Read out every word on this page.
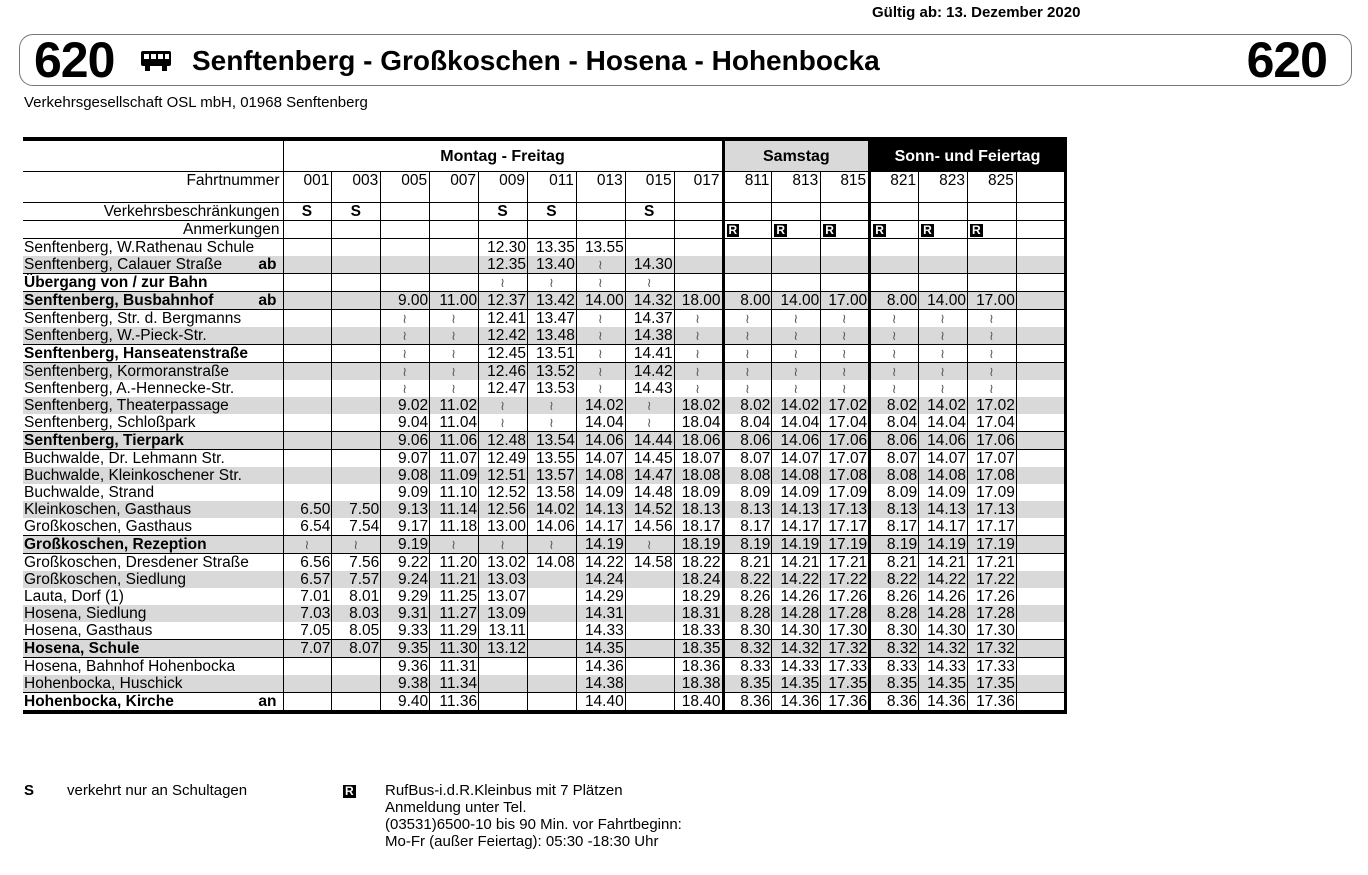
Gültig ab: 13. Dezember 2020
620	Senftenberg - Großkoschen - Hosena - Hohenbocka	620
Verkehrsgesellschaft OSL mbH, 01968 Senftenberg
	Montag - Freitag									Samstag			Sonn- und Feiertag			
Fahrtnummer	001	003	005	007	009	011	013	015	017	811	813	815	821	823	825	
Verkehrsbeschränkungen	S	S			S	S		S								
Anmerkungen										R	R	R	R	R	R	
Senftenberg, W.Rathenau Schule					12.30	13.35	13.55									
Senftenberg, Calauer Straße ab					12.35	13.40	≀	14.30								
Übergang von / zur Bahn					≀	≀	≀	≀								
Senftenberg, Busbahnhof ab			9.00	11.00	12.37	13.42	14.00	14.32	18.00	8.00	14.00	17.00	8.00	14.00	17.00	
Senftenberg, Str. d. Bergmanns			≀	≀	12.41	13.47	≀	14.37	≀	≀	≀	≀	≀	≀	≀	
Senftenberg, W.-Pieck-Str.			≀	≀	12.42	13.48	≀	14.38	≀	≀	≀	≀	≀	≀	≀	
Senftenberg, Hanseatenstraße			≀	≀	12.45	13.51	≀	14.41	≀	≀	≀	≀	≀	≀	≀	
Senftenberg, Kormoranstraße			≀	≀	12.46	13.52	≀	14.42	≀	≀	≀	≀	≀	≀	≀	
Senftenberg, A.-Hennecke-Str.			≀	≀	12.47	13.53	≀	14.43	≀	≀	≀	≀	≀	≀	≀	
Senftenberg, Theaterpassage			9.02	11.02	≀	≀	14.02	≀	18.02	8.02	14.02	17.02	8.02	14.02	17.02	
Senftenberg, Schloßpark			9.04	11.04	≀	≀	14.04	≀	18.04	8.04	14.04	17.04	8.04	14.04	17.04	
Senftenberg, Tierpark			9.06	11.06	12.48	13.54	14.06	14.44	18.06	8.06	14.06	17.06	8.06	14.06	17.06	
Buchwalde, Dr. Lehmann Str.			9.07	11.07	12.49	13.55	14.07	14.45	18.07	8.07	14.07	17.07	8.07	14.07	17.07	
Buchwalde, Kleinkoschener Str.			9.08	11.09	12.51	13.57	14.08	14.47	18.08	8.08	14.08	17.08	8.08	14.08	17.08	
Buchwalde, Strand			9.09	11.10	12.52	13.58	14.09	14.48	18.09	8.09	14.09	17.09	8.09	14.09	17.09	
Kleinkoschen, Gasthaus	6.50	7.50	9.13	11.14	12.56	14.02	14.13	14.52	18.13	8.13	14.13	17.13	8.13	14.13	17.13	
Großkoschen, Gasthaus	6.54	7.54	9.17	11.18	13.00	14.06	14.17	14.56	18.17	8.17	14.17	17.17	8.17	14.17	17.17	
Großkoschen, Rezeption	≀	≀	9.19	≀	≀	≀	14.19	≀	18.19	8.19	14.19	17.19	8.19	14.19	17.19	
Großkoschen, Dresdener Straße	6.56	7.56	9.22	11.20	13.02	14.08	14.22	14.58	18.22	8.21	14.21	17.21	8.21	14.21	17.21	
Großkoschen, Siedlung	6.57	7.57	9.24	11.21	13.03		14.24		18.24	8.22	14.22	17.22	8.22	14.22	17.22	
Lauta, Dorf (1)	7.01	8.01	9.29	11.25	13.07		14.29		18.29	8.26	14.26	17.26	8.26	14.26	17.26	
Hosena, Siedlung	7.03	8.03	9.31	11.27	13.09		14.31		18.31	8.28	14.28	17.28	8.28	14.28	17.28	
Hosena, Gasthaus	7.05	8.05	9.33	11.29	13.11		14.33		18.33	8.30	14.30	17.30	8.30	14.30	17.30	
Hosena, Schule	7.07	8.07	9.35	11.30	13.12		14.35		18.35	8.32	14.32	17.32	8.32	14.32	17.32	
Hosena, Bahnhof Hohenbocka			9.36	11.31			14.36		18.36	8.33	14.33	17.33	8.33	14.33	17.33	
Hohenbocka, Huschick			9.38	11.34			14.38		18.38	8.35	14.35	17.35	8.35	14.35	17.35	
Hohenbocka, Kirche an			9.40	11.36			14.40		18.40	8.36	14.36	17.36	8.36	14.36	17.36	
S verkehrt nur an Schultagen	R RufBus-i.d.R.Kleinbus mit 7 Plätzen
Anmeldung unter Tel.
(03531)6500-10 bis 90 Min. vor Fahrtbeginn:
Mo-Fr (außer Feiertag): 05:30 -18:30 Uhr
